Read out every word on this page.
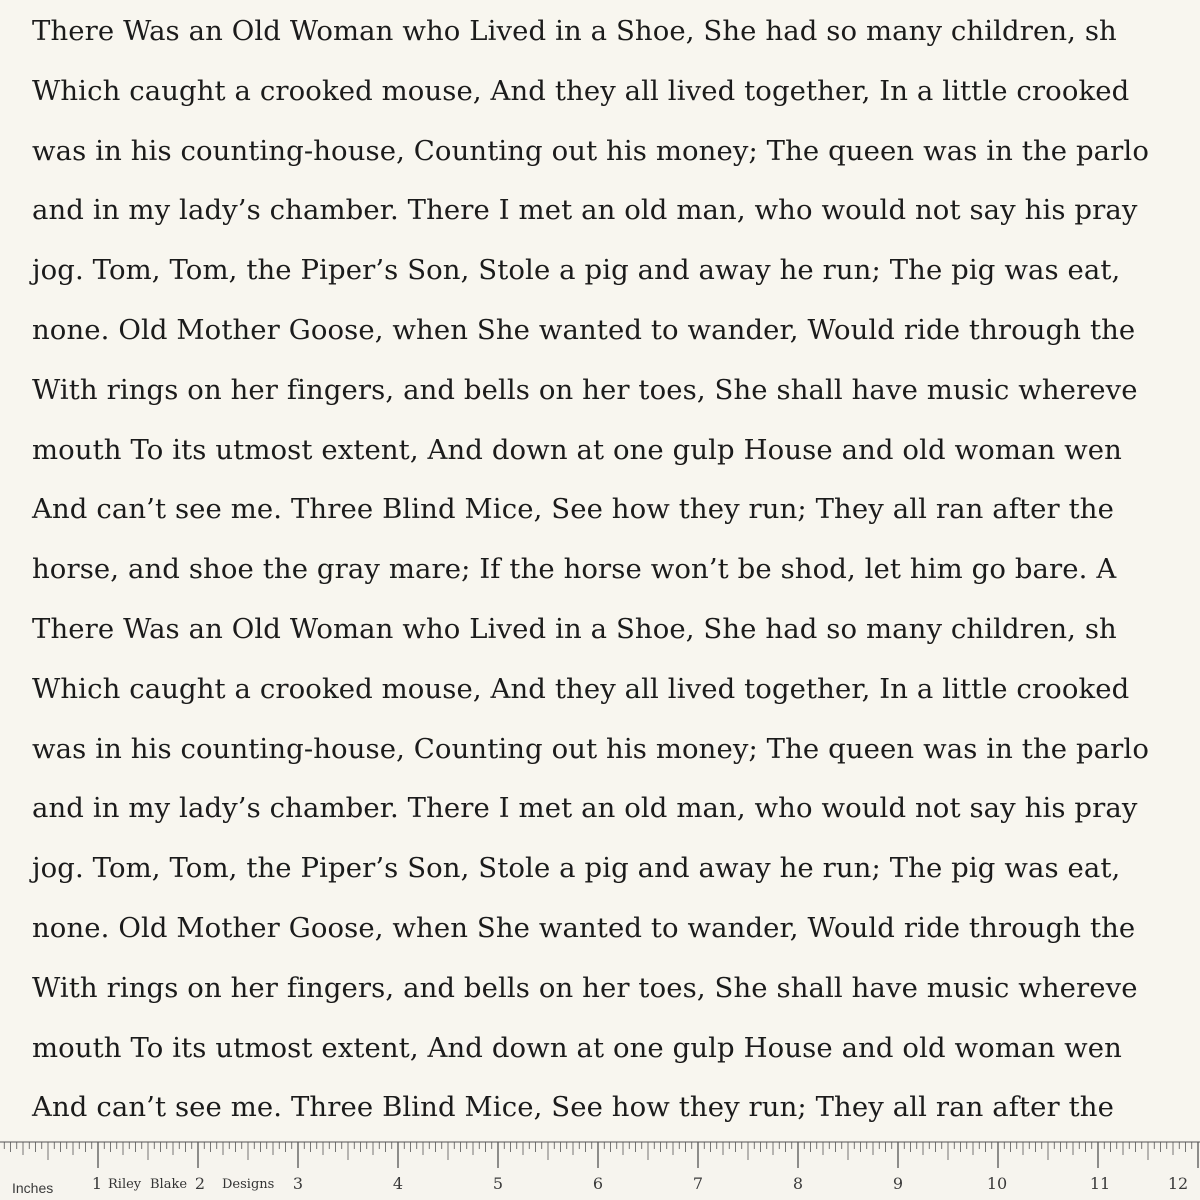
There Was an Old Woman who Lived in a Shoe, She had so many children, sh
Which caught a crooked mouse, And they all lived together, In a little crooked
was in his counting-house, Counting out his money; The queen was in the parlo
and in my lady’s chamber. There I met an old man, who would not say his pray
jog. Tom, Tom, the Piper’s Son, Stole a pig and away he run; The pig was eat,
none. Old Mother Goose, when She wanted to wander, Would ride through the
With rings on her fingers, and bells on her toes, She shall have music whereve
mouth To its utmost extent, And down at one gulp House and old woman wen
And can’t see me. Three Blind Mice, See how they run; They all ran after the
horse, and shoe the gray mare; If the horse won’t be shod, let him go bare. A
There Was an Old Woman who Lived in a Shoe, She had so many children, sh
Which caught a crooked mouse, And they all lived together, In a little crooked
was in his counting-house, Counting out his money; The queen was in the parlo
and in my lady’s chamber. There I met an old man, who would not say his pray
jog. Tom, Tom, the Piper’s Son, Stole a pig and away he run; The pig was eat,
none. Old Mother Goose, when She wanted to wander, Would ride through the
With rings on her fingers, and bells on her toes, She shall have music whereve
mouth To its utmost extent, And down at one gulp House and old woman wen
And can’t see me. Three Blind Mice, See how they run; They all ran after the
Inches	Riley Blake	Designs
1	2	3	4	5	6	7	8	9	10	11	12
